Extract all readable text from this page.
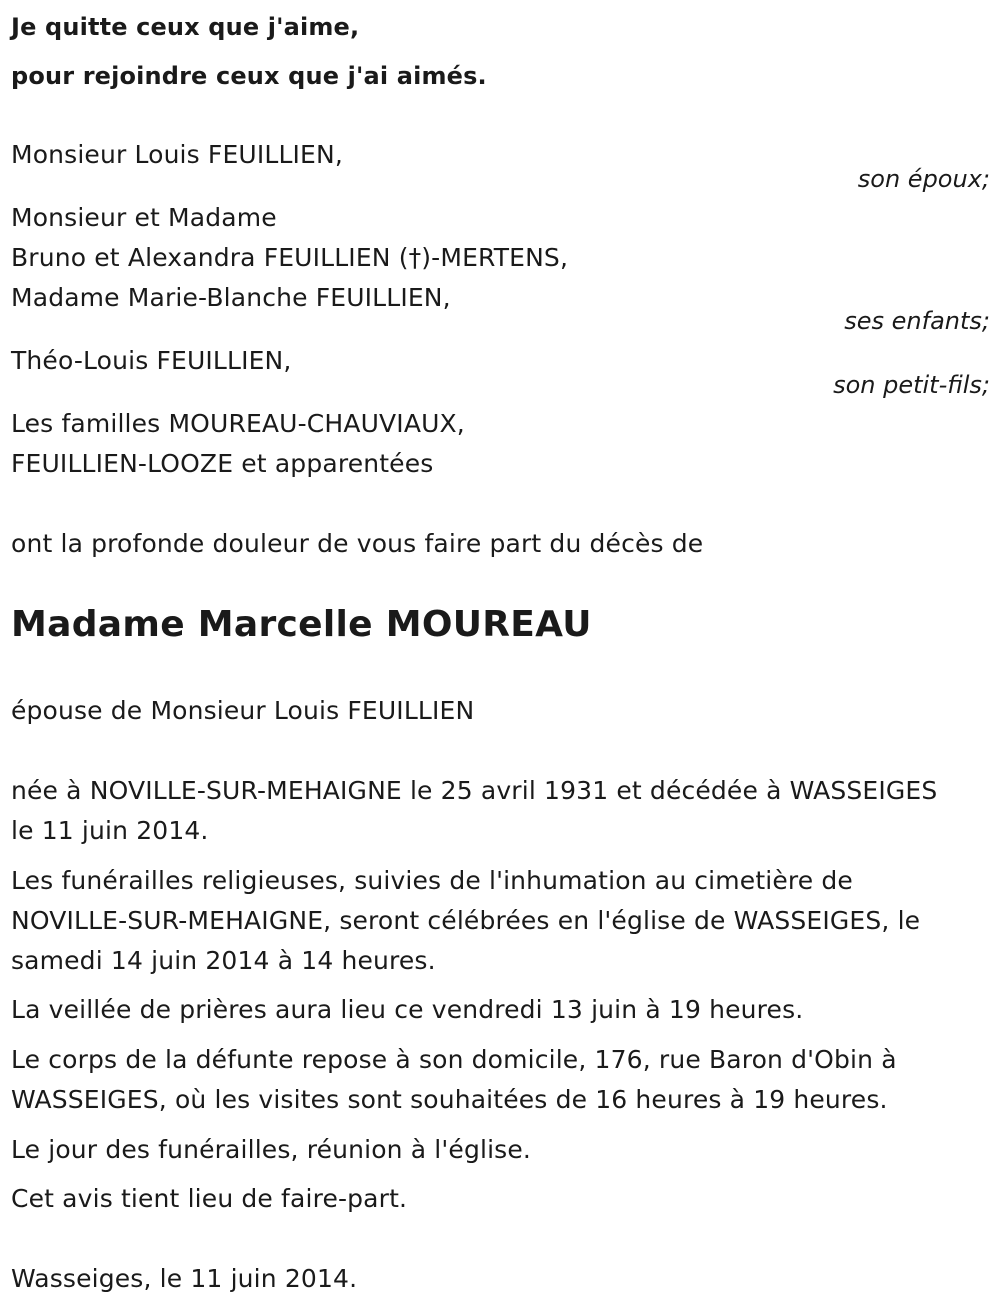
Je quitte ceux que j'aime,
pour rejoindre ceux que j'ai aimés.
Monsieur Louis FEUILLIEN,
son époux;
Monsieur et Madame
Bruno et Alexandra FEUILLIEN (†)-MERTENS,
Madame Marie-Blanche FEUILLIEN,
ses enfants;
Théo-Louis FEUILLIEN,
son petit-fils;
Les familles MOUREAU-CHAUVIAUX,
FEUILLIEN-LOOZE et apparentées
ont la profonde douleur de vous faire part du décès de
Madame Marcelle MOUREAU
épouse de Monsieur Louis FEUILLIEN
née à NOVILLE-SUR-MEHAIGNE le 25 avril 1931 et décédée à WASSEIGES
le 11 juin 2014.
Les funérailles religieuses, suivies de l'inhumation au cimetière de
NOVILLE-SUR-MEHAIGNE, seront célébrées en l'église de WASSEIGES, le
samedi 14 juin 2014 à 14 heures.
La veillée de prières aura lieu ce vendredi 13 juin à 19 heures.
Le corps de la défunte repose à son domicile, 176, rue Baron d'Obin à
WASSEIGES, où les visites sont souhaitées de 16 heures à 19 heures.
Le jour des funérailles, réunion à l'église.
Cet avis tient lieu de faire-part.
Wasseiges, le 11 juin 2014.
